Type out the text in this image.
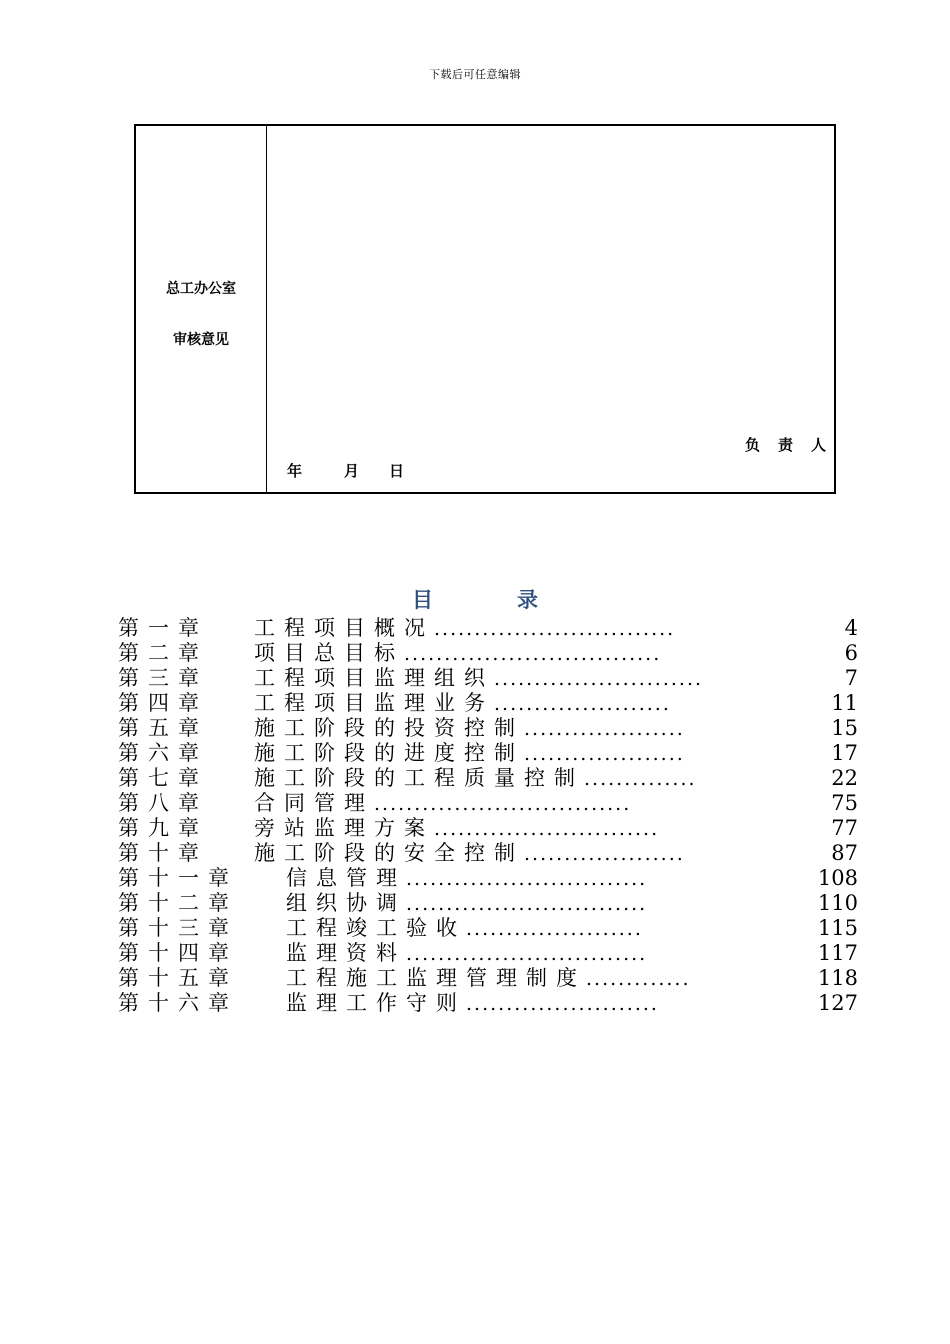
下载后可任意编辑
总工办公室
审核意见
负责人
年	月 日
目	录
第一章 工程项目概况..............................	4
第二章 项目总目标................................	6
第三章 工程项目监理组织..........................	7
第四章 工程项目监理业务......................	11
第五章 施工阶段的投资控制....................	15
第六章 施工阶段的进度控制....................	17
第七章 施工阶段的工程质量控制..............	22
第八章 合同管理................................	75
第九章 旁站监理方案............................	77
第十章 施工阶段的安全控制....................	87
第十一章 信息管理..............................	108
第十二章 组织协调..............................	110
第十三章 工程竣工验收......................	115
第十四章 监理资料..............................	117
第十五章 工程施工监理管理制度.............	118
第十六章 监理工作守则........................	127
